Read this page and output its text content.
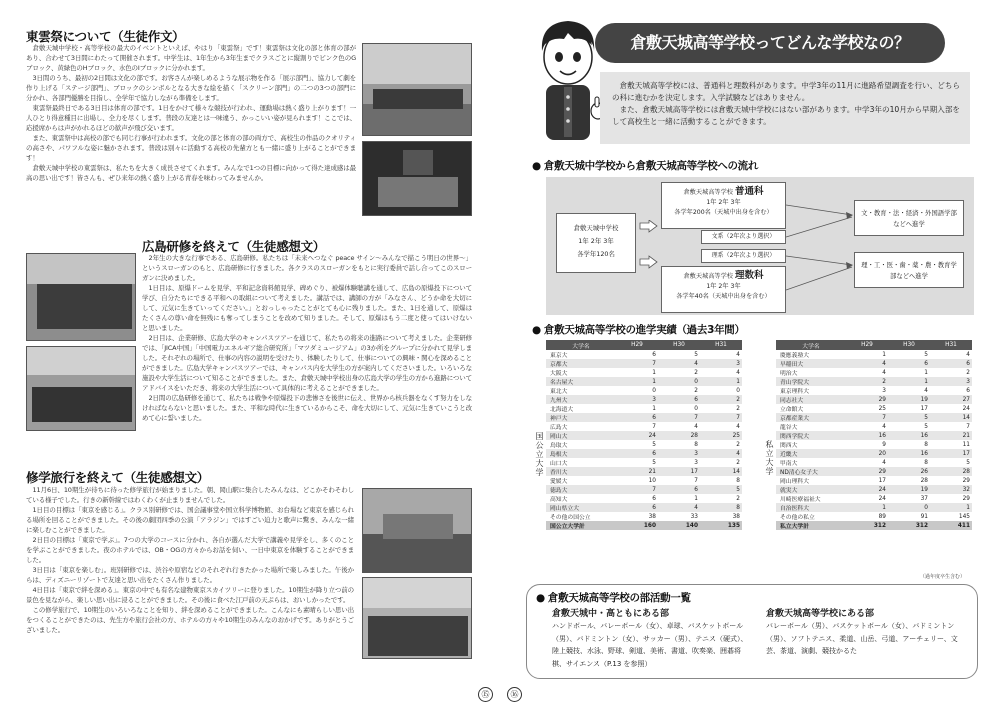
東雲祭について（生徒作文）

倉敷天城中学校・高等学校の最大のイベントといえば、やはり「東雲祭」です！東雲祭は文化の部と体育の部があり、合わせて3日間にわたって開催されます。中学生は、1年生から3年生までクラスごとに縦割りでピンク色のGブロック、黄緑色のHブロック、水色のIブロックに分かれます。

3日間のうち、最初の2日間は文化の部です。お客さんが楽しめるような展示物を作る「展示部門」、協力して劇を作り上げる「ステージ部門」、ブロックのシンボルとなる大きな絵を描く「スクリーン部門」の二つの3つの部門に分かれ、各部門優勝を目指し、全学年で協力しながら準備をします。

東雲祭最終日である3日目は体育の部です。1日をかけて様々な競技が行われ、運動場は熱く盛り上がります！一人ひとり得意種目に出場し、全力を尽くします。普段の友達とは一味違う、かっこいい姿が見られます！ここでは、応援席からは声がかれるほどの歓声が飛び交います。

また、東雲祭中は高校の部でも同じ行事が行われます。文化の部と体育の部の両方で、高校生の作品のクオリティの高さや、パワフルな姿に魅かされます。普段は別々に活動する高校の先輩方とも一緒に盛り上がることができます！

倉敷天城中学校の東雲祭は、私たちを大きく成長させてくれます。みんなで1つの目標に向かって得た達成感は最高の思い出です！皆さんも、ぜひ来年の熱く盛り上がる青春を味わってみませんか。

広島研修を終えて（生徒感想文）

2年生の大きな行事である、広島研修。私たちは「未来へつなぐ peace サイン〜みんなで描こう明日の世界〜」というスローガンのもと、広島研修に行きました。各クラスのスローガンをもとに実行委員で話し合ってこのスローガンに決めました。

1日目は、原爆ドームを見学、平和記念資料館見学、碑めぐり、被爆体験聴講を通して、広島の原爆投下について学び、自分たちにできる平和への取組について考えました。講話では、講師の方が「みなさん、どうか命を大切にして、元気に生きていってください。」とおっしゃったことがとても心に残りました。また、1日を通して、原爆はたくさんの尊い命を無残にも奪ってしまうことを改めて知りました。そして、原爆はもう二度と使ってはいけないと思いました。

2日目は、企業研修、広島大学のキャンパスツアーを通じて、私たちの将来の進路について考えました。企業研修では、「JICA中国」「中国電力エネルギア総合研究所」「マツダミュージアム」の3か所をグループに分かれて見学しました。それぞれの場所で、仕事の内容の説明を受けたり、体験したりして、仕事についての興味・関心を深めることができました。広島大学キャンパスツアーでは、キャンパス内を大学生の方が案内してくださいました。いろいろな施設や大学生活について知ることができました。また、倉敷天城中学校出身の広島大学の学生の方から進路についてアドバイスをいただき、将来の大学生活について具体的に考えることができました。

2日間の広島研修を通じて、私たちは戦争や原爆投下の悲惨さを後世に伝え、世界から核兵器をなくす努力をしなければならないと思いました。また、平和な時代に生きているからこそ、命を大切にして、元気に生きていこうと改めて心に誓いました。

修学旅行を終えて（生徒感想文）

11月6日、10期生が待ちに待った修学旅行が始まりました。朝、岡山駅に集合したみんなは、どこかそわそわしている様子でした。行きの新幹線ではわくわくが止まりませんでした。

1日目の目標は「東京を感じる」。クラス別研修では、国会議事堂や国立科学博物館、お台場など東京を感じられる場所を回ることができました。その後の劇団四季の公演「アラジン」ではすごい迫力と歌声に驚き、みんな一緒に楽しむことができました。

2日目の目標は「東京で学ぶ」。7つの大学のコースに分かれ、各自が選んだ大学で講義や見学をし、多くのことを学ぶことができました。夜のホテルでは、OB・OGの方々からお話を伺い、一日中東京を体験することができました。

3日目は「東京を楽しむ」。班別研修では、渋谷や原宿などのそれぞれ行きたかった場所で楽しみました。午後からは、ディズニーリゾートで友達と思い出をたくさん作りました。

4日目は「東京で絆を深める」。東京の中でも有名な建物東京スカイツリーに登りました。10期生が降り立つ前の景色を見ながら、楽しい思い出に浸ることができました。その後に食べた江戸前の天ぷらは、おいしかったです。

この修学旅行で、10期生のいろいろなことを知り、絆を深めることができました。こんなにも素晴らしい思い出をつくることができたのは、先生方や旅行会社の方、ホテルの方々や10期生のみんなのおかげです。ありがとうございました。

⑮
倉敷天城高等学校ってどんな学校なの？

倉敷天城高等学校には、普通科と理数科があります。中学3年の11月に進路希望調査を行い、どちらの科に進むかを決定します。入学試験などはありません。

また、倉敷天城高等学校には倉敷天城中学校にはない部があります。中学3年の10月から早期入部をして高校生と一緒に活動することができます。

● 倉敷天城中学校から倉敷天城高等学校への流れ
倉敷天城中学校
1年 2年 3年
各学年120名
倉敷天城高等学校 普通科
1年 2年 3年
各学年200名（天城中出身を含む）
文系（2年次より選択）
理系（2年次より選択）
倉敷天城高等学校 理数科
1年 2年 3年
各学年40名（天城中出身を含む）
文・教育・法・経済・外国語学部などへ進学
理・工・医・歯・薬・農・教育学部などへ進学
● 倉敷天城高等学校の進学実績（過去3年間）
国公立大学
大学名	H29	H30	H31
東京大	6	5	4
京都大	7	4	3
大阪大	1	2	4
名古屋大	1	0	1
東北大	0	2	0
九州大	3	6	2
北海道大	1	0	2
神戸大	6	7	7
広島大	7	4	4
岡山大	24	28	25
鳥取大	5	8	2
島根大	6	3	4
山口大	5	3	2
香川大	21	17	14
愛媛大	10	7	8
徳島大	7	6	5
高知大	6	1	2
岡山県立大	6	4	8
その他の国公立	38	33	38
国公立大学計	160	140	135
私立大学
大学名	H29	H30	H31
慶應義塾大	1	5	4
早稲田大	4	6	6
明治大	4	1	2
青山学院大	2	1	3
東京理科大	3	4	6
同志社大	29	19	27
立命館大	25	17	24
京都産業大	7	5	14
龍谷大	4	5	7
関西学院大	16	16	21
関西大	9	8	11
近畿大	20	16	17
甲南大	4	8	5
ND清心女子大	29	26	28
岡山理科大	17	28	29
就実大	24	19	32
川崎医療福祉大	24	37	29
自治医科大	1	0	1
その他の私立	89	91	145
私立大学計	312	312	411
（過年度卒生含む）
● 倉敷天城高等学校の部活動一覧
倉敷天城中・高ともにある部
ハンドボール、バレーボール（女）、卓球、バスケットボール（男）、バドミントン（女）、サッカー（男）、テニス（硬式）、陸上競技、水泳、野球、剣道、美術、書道、吹奏楽、囲碁将棋、サイエンス（P.13 を参照）
倉敷天城高等学校にある部
バレーボール（男）、バスケットボール（女）、バドミントン（男）、ソフトテニス、柔道、山岳、弓道、アーチェリー、文芸、茶道、演劇、競技かるた
⑯
